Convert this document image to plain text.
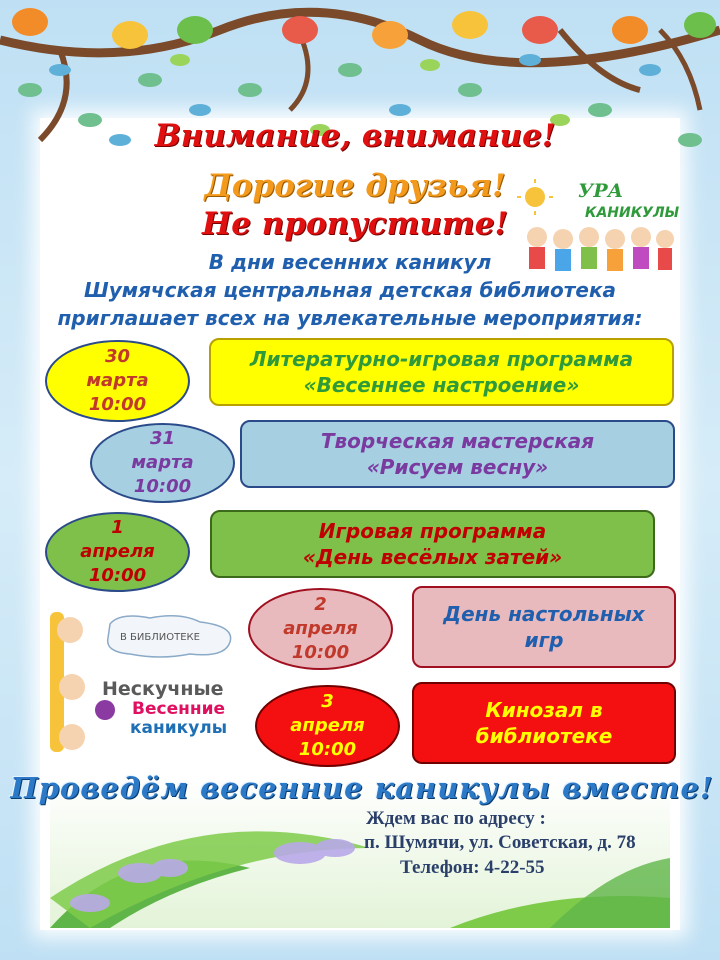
Внимание, внимание!
Дорогие друзья!
Не пропустите!
УРА
КАНИКУЛЫ
В дни весенних каникул
Шумячская центральная детская библиотека
приглашает всех на увлекательные мероприятия:
30
марта
10:00
Литературно-игровая программа
«Весеннее настроение»
31
марта
10:00
Творческая мастерская
«Рисуем весну»
1
апреля
10:00
Игровая программа
«День весёлых затей»
В БИБЛИОТЕКЕ
Нескучные
Весенние
каникулы
2
апреля
10:00
День настольных
игр
3
апреля
10:00
Кинозал в
библиотеке
Проведём весенние каникулы вместе!
Ждем вас по адресу :
п. Шумячи, ул. Советская, д. 78
Телефон: 4-22-55
